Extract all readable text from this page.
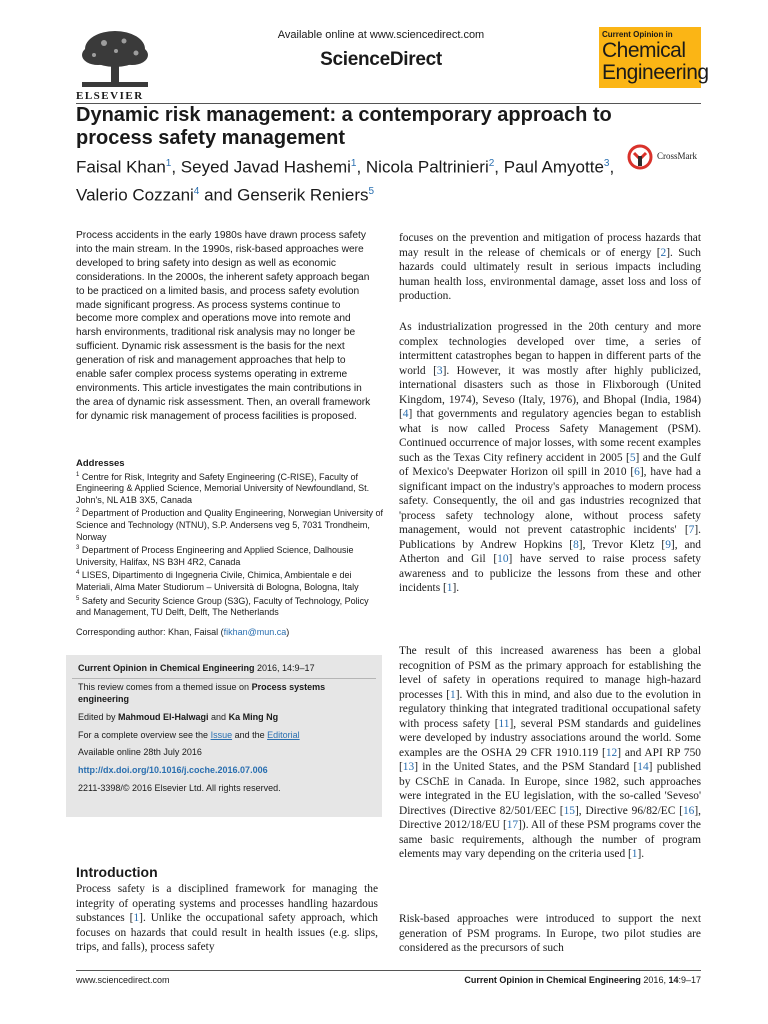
ELSEVIER
Available online at www.sciencedirect.com
ScienceDirect
Current Opinion in
Chemical
Engineering
Dynamic risk management: a contemporary approach to process safety management
Faisal Khan$^1$, Seyed Javad Hashemi$^1$, Nicola Paltrinieri$^2$, Paul Amyotte$^3$, Valerio Cozzani$^4$ and Genserik Reniers$^5$
CrossMark
Process accidents in the early 1980s have drawn process safety into the main stream. In the 1990s, risk-based approaches were developed to bring safety into design as well as economic considerations. In the 2000s, the inherent safety approach began to be practiced on a limited basis, and process safety evolution made significant progress. As process systems continue to become more complex and operations move into remote and harsh environments, traditional risk analysis may no longer be sufficient. Dynamic risk assessment is the basis for the next generation of risk and management approaches that help to enable safer complex process systems operating in extreme environments. This article investigates the main contributions in the area of dynamic risk assessment. Then, an overall framework for dynamic risk management of process facilities is proposed.
Addresses
$^1$ Centre for Risk, Integrity and Safety Engineering (C-RISE), Faculty of Engineering & Applied Science, Memorial University of Newfoundland, St. John's, NL A1B 3X5, Canada
$^2$ Department of Production and Quality Engineering, Norwegian University of Science and Technology (NTNU), S.P. Andersens veg 5, 7031 Trondheim, Norway
$^3$ Department of Process Engineering and Applied Science, Dalhousie University, Halifax, NS B3H 4R2, Canada
$^4$ LISES, Dipartimento di Ingegneria Civile, Chimica, Ambientale e dei Materiali, Alma Mater Studiorum – Università di Bologna, Bologna, Italy
$^5$ Safety and Security Science Group (S3G), Faculty of Technology, Policy and Management, TU Delft, Delft, The Netherlands
Corresponding author: Khan, Faisal (fikhan@mun.ca)
Current Opinion in Chemical Engineering 2016, 14:9–17
This review comes from a themed issue on Process systems engineering
Edited by Mahmoud El-Halwagi and Ka Ming Ng
For a complete overview see the Issue and the Editorial
Available online 28th July 2016
http://dx.doi.org/10.1016/j.coche.2016.07.006
2211-3398/© 2016 Elsevier Ltd. All rights reserved.
Introduction
Process safety is a disciplined framework for managing the integrity of operating systems and processes handling hazardous substances [1]. Unlike the occupational safety approach, which focuses on hazards that could result in health issues (e.g. slips, trips, and falls), process safety
focuses on the prevention and mitigation of process hazards that may result in the release of chemicals or of energy [2]. Such hazards could ultimately result in serious impacts including human health loss, environmental damage, asset loss and loss of production.
As industrialization progressed in the 20th century and more complex technologies developed over time, a series of intermittent catastrophes began to happen in different parts of the world [3]. However, it was mostly after highly publicized, international disasters such as those in Flixborough (United Kingdom, 1974), Seveso (Italy, 1976), and Bhopal (India, 1984) [4] that governments and regulatory agencies began to establish what is now called Process Safety Management (PSM). Continued occurrence of major losses, with some recent examples such as the Texas City refinery accident in 2005 [5] and the Gulf of Mexico's Deepwater Horizon oil spill in 2010 [6], have had a significant impact on the industry's approaches to modern process safety. Consequently, the oil and gas industries recognized that 'process safety technology alone, without process safety management, would not prevent catastrophic incidents' [7]. Publications by Andrew Hopkins [8], Trevor Kletz [9], and Atherton and Gil [10] have served to raise process safety awareness and to publicize the lessons from these and other incidents [1].
The result of this increased awareness has been a global recognition of PSM as the primary approach for establishing the level of safety in operations required to manage high-hazard processes [1]. With this in mind, and also due to the evolution in regulatory thinking that integrated traditional occupational safety with process safety [11], several PSM standards and guidelines were developed by industry associations around the world. Some examples are the OSHA 29 CFR 1910.119 [12] and API RP 750 [13] in the United States, and the PSM Standard [14] published by CSChE in Canada. In Europe, since 1982, such approaches were integrated in the EU legislation, with the so-called 'Seveso' Directives (Directive 82/501/EEC [15], Directive 96/82/EC [16], Directive 2012/18/EU [17]). All of these PSM programs cover the same basic requirements, although the number of program elements may vary depending on the criteria used [1].
Risk-based approaches were introduced to support the next generation of PSM programs. In Europe, two pilot studies are considered as the precursors of such
www.sciencedirect.com	Current Opinion in Chemical Engineering 2016, 14:9–17
